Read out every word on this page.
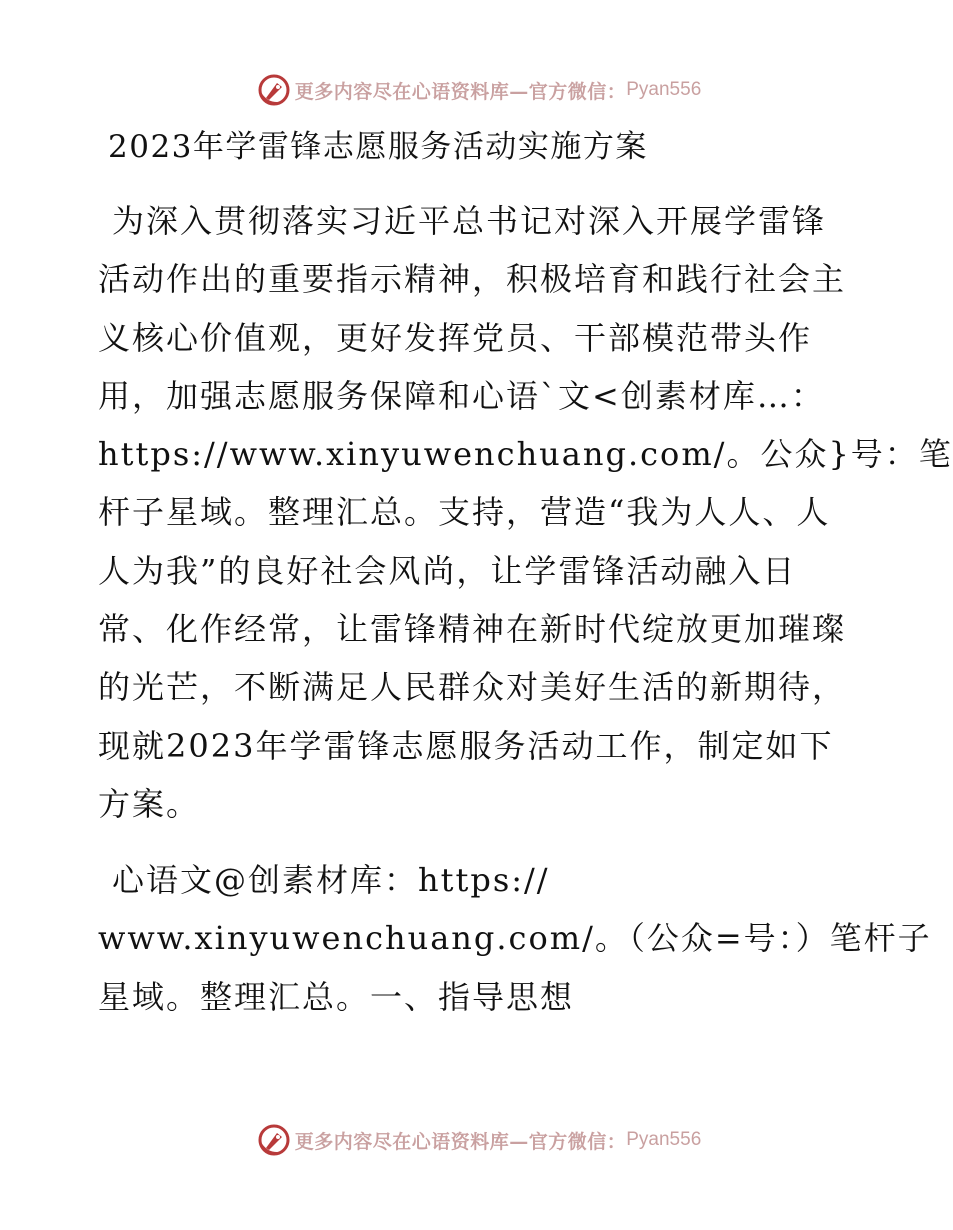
更多内容尽在心语资料库—官方微信： Pyan556
2023年学雷锋志愿服务活动实施方案
为深入贯彻落实习近平总书记对深入开展学雷锋
活动作出的重要指示精神，积极培育和践行社会主
义核心价值观，更好发挥党员、干部模范带头作
用，加强志愿服务保障和心语`文<创素材库…：
https://www.xinyuwenchuang.com/。公众}号：笔
杆子星域。整理汇总。支持，营造“我为人人、人
人为我”的良好社会风尚，让学雷锋活动融入日
常、化作经常，让雷锋精神在新时代绽放更加璀璨
的光芒，不断满足人民群众对美好生活的新期待，
现就2023年学雷锋志愿服务活动工作，制定如下
方案。
心语文@创素材库：https://
www.xinyuwenchuang.com/。（公众=号：）笔杆子
星域。整理汇总。一、指导思想
更多内容尽在心语资料库—官方微信： Pyan556
